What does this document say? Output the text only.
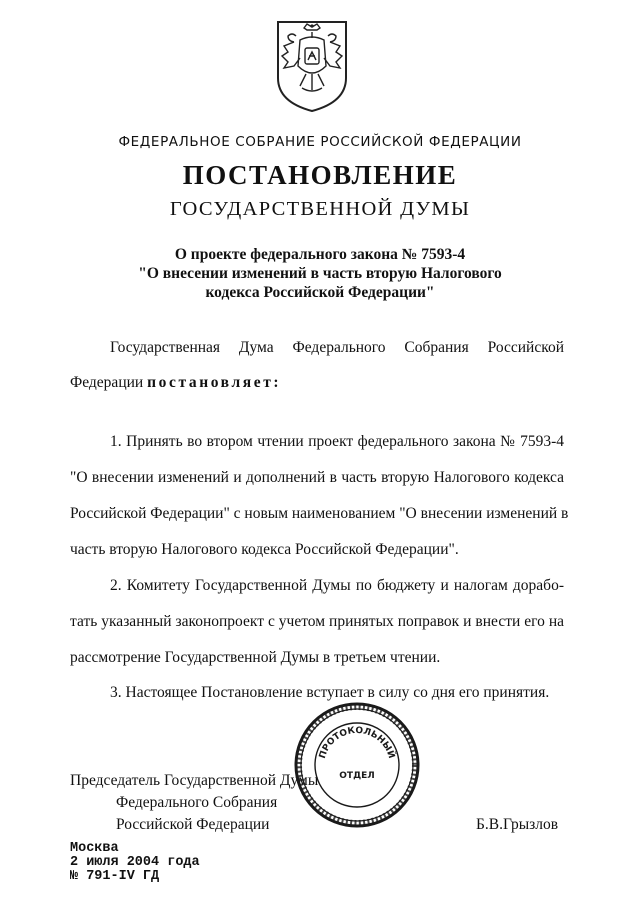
ФЕДЕРАЛЬНОЕ СОБРАНИЕ РОССИЙСКОЙ ФЕДЕРАЦИИ
ПОСТАНОВЛЕНИЕ
ГОСУДАРСТВЕННОЙ ДУМЫ
О проекте федерального закона № 7593-4
"О внесении изменений в часть вторую Налогового
кодекса Российской Федерации"
Государственная Дума Федерального Собрания Российской
Федерации постановляет:
1. Принять во втором чтении проект федерального закона № 7593-4
"О внесении изменений и дополнений в часть вторую Налогового кодекса
Российской Федерации" с новым наименованием "О внесении изменений в
часть вторую Налогового кодекса Российской Федерации".
2. Комитету Государственной Думы по бюджету и налогам дорабо-
тать указанный законопроект с учетом принятых поправок и внести его на
рассмотрение Государственной Думы в третьем чтении.
3. Настоящее Постановление вступает в силу со дня его принятия.
Председатель Государственной Думы
Федерального Собрания
Российской Федерации	Б.В.Грызлов
ПРОТОКОЛЬНЫЙ
ОТДЕЛ
Москва
2 июля 2004 года
№ 791-IV ГД
